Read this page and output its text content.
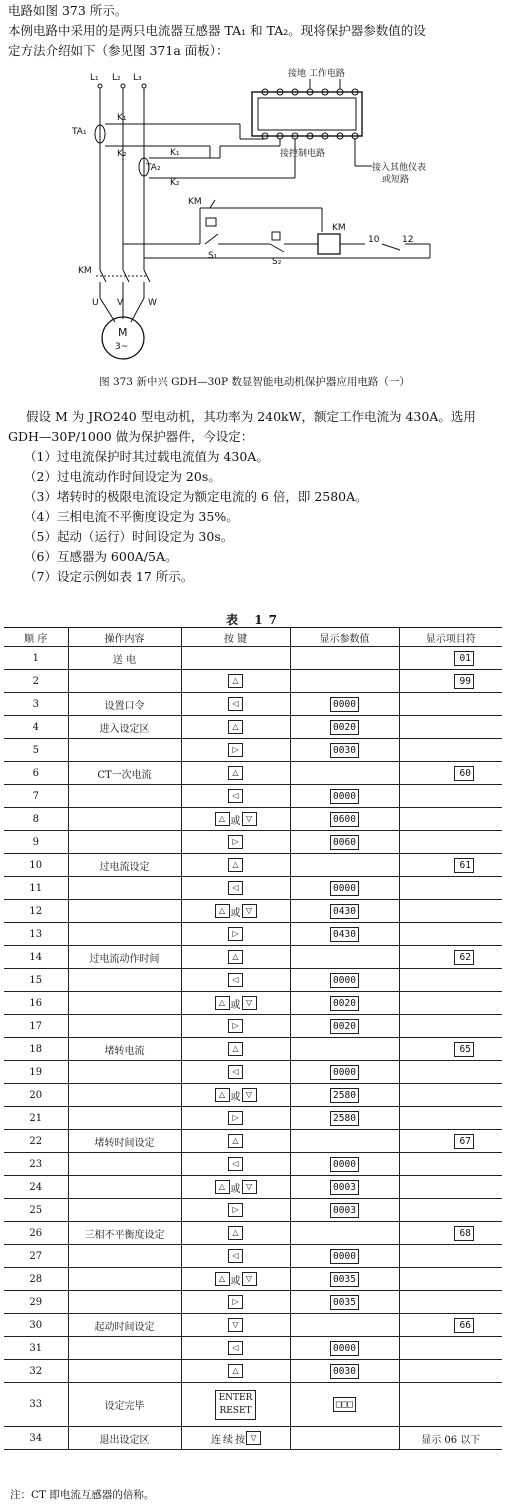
电路如图 373 所示。

本例电路中采用的是两只电流器互感器 TA₁ 和 TA₂。现将保护器参数值的设

定方法介绍如下（参见图 371a 面板）：

L₁ L₂ L₃
TA₁
K₁
K₂
TA₂
K₁
K₂
接地 工作电路
接控制电路
接入其他仪表
或短路
KM
S₁
S₂
KM
10	12
KM
U V	W
M
3~

图 373 新中兴 GDH—30P 数显智能电动机保护器应用电路（一）

假设 M 为 JRO240 型电动机，其功率为 240kW，额定工作电流为 430A。选用

GDH—30P/1000 做为保护器件，今设定：

（1）过电流保护时其过载电流值为 430A。

（2）过电流动作时间设定为 20s。

（3）堵转时的极限电流设定为额定电流的 6 倍，即 2580A。

（4）三相电流不平衡度设定为 35%。

（5）起动（运行）时间设定为 30s。

（6）互感器为 600A/5A。

（7）设定示例如表 17 所示。

表 17

顺 序	操作内容	按 键	显示参数值	显示项目符
1	送 电			01
2		△		99
3	设置口令	◁	0000	
4	进入设定区	△	0020	
5		▷	0030	
6	CT一次电流	△		60
7		◁	0000	
8		△ 或 ▽	0600	
9		▷	0060	
10	过电流设定	△		61
11		◁	0000	
12		△ 或 ▽	0430	
13		▷	0430	
14	过电流动作时间	△		62
15		◁	0000	
16		△ 或 ▽	0020	
17		▷	0020	
18	堵转电流	△		65
19		◁	0000	
20		△ 或 ▽	2580	
21		▷	2580	
22	堵转时间设定	△		67
23		◁	0000	
24		△ 或 ▽	0003	
25		▷	0003	
26	三相不平衡度设定	△		68
27		◁	0000	
28		△ 或 ▽	0035	
29		▷	0035	
30	起动时间设定	▽		66
31		◁	0000	
32		△	0030	
33	设定完毕	ENTER
RESET	□□□	
34	退出设定区	连 续 按 ▽		显示 06 以下

注：CT 即电流互感器的倍称。
